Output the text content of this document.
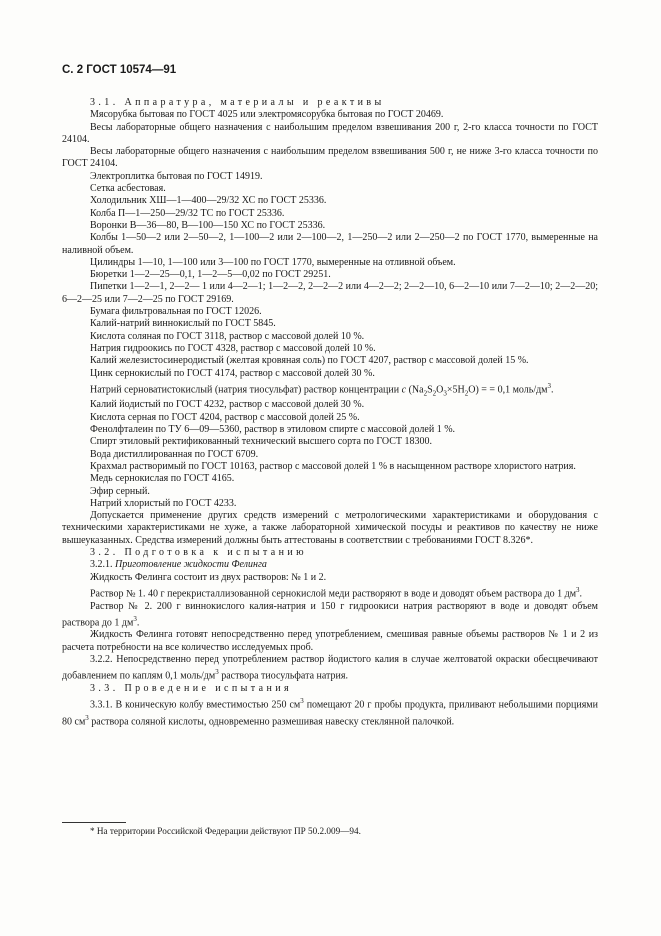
С. 2 ГОСТ 10574—91

3.1. Аппаратура, материалы и реактивы

Мясорубка бытовая по ГОСТ 4025 или электромясорубка бытовая по ГОСТ 20469.

Весы лабораторные общего назначения с наибольшим пределом взвешивания 200 г, 2-го класса точности по ГОСТ 24104.

Весы лабораторные общего назначения с наибольшим пределом взвешивания 500 г, не ниже 3-го класса точности по ГОСТ 24104.

Электроплитка бытовая по ГОСТ 14919.

Сетка асбестовая.

Холодильник ХШ—1—400—29/32 ХС по ГОСТ 25336.

Колба П—1—250—29/32 ТС по ГОСТ 25336.

Воронки В—36—80, В—100—150 ХС по ГОСТ 25336.

Колбы 1—50—2 или 2—50—2, 1—100—2 или 2—100—2, 1—250—2 или 2—250—2 по ГОСТ 1770, вымеренные на наливной объем.

Цилиндры 1—10, 1—100 или 3—100 по ГОСТ 1770, вымеренные на отливной объем.

Бюретки 1—2—25—0,1, 1—2—5—0,02 по ГОСТ 29251.

Пипетки 1—2—1, 2—2— 1 или 4—2—1; 1—2—2, 2—2—2 или 4—2—2; 2—2—10, 6—2—10 или 7—2—10; 2—2—20; 6—2—25 или 7—2—25 по ГОСТ 29169.

Бумага фильтровальная по ГОСТ 12026.

Калий-натрий виннокислый по ГОСТ 5845.

Кислота соляная по ГОСТ 3118, раствор с массовой долей 10 %.

Натрия гидроокись по ГОСТ 4328, раствор с массовой долей 10 %.

Калий железистосинеродистый (желтая кровяная соль) по ГОСТ 4207, раствор с массовой долей 15 %.

Цинк сернокислый по ГОСТ 4174, раствор с массовой долей 30 %.

Натрий серноватистокислый (натрия тиосульфат) раствор концентрации c $(Na_2S_2O_3\times 5H_2O)$ = = 0,1 моль/$дм^3$.

Калий йодистый по ГОСТ 4232, раствор с массовой долей 30 %.

Кислота серная по ГОСТ 4204, раствор с массовой долей 25 %.

Фенолфталеин по ТУ 6—09—5360, раствор в этиловом спирте с массовой долей 1 %.

Спирт этиловый ректификованный технический высшего сорта по ГОСТ 18300.

Вода дистиллированная по ГОСТ 6709.

Крахмал растворимый по ГОСТ 10163, раствор с массовой долей 1 % в насыщенном растворе хлористого натрия.

Медь сернокислая по ГОСТ 4165.

Эфир серный.

Натрий хлористый по ГОСТ 4233.

Допускается применение других средств измерений с метрологическими характеристиками и оборудования с техническими характеристиками не хуже, а также лабораторной химической посуды и реактивов по качеству не ниже вышеуказанных. Средства измерений должны быть аттестованы в соответствии с требованиями ГОСТ 8.326*.

3.2. Подготовка к испытанию

3.2.1. Приготовление жидкости Фелинга

Жидкость Фелинга состоит из двух растворов: № 1 и 2.

Раствор № 1. 40 г перекристаллизованной сернокислой меди растворяют в воде и доводят объем раствора до 1 $дм^3$.

Раствор № 2. 200 г виннокислого калия-натрия и 150 г гидроокиси натрия растворяют в воде и доводят объем раствора до 1 $дм^3$.

Жидкость Фелинга готовят непосредственно перед употреблением, смешивая равные объемы растворов № 1 и 2 из расчета потребности на все количество исследуемых проб.

3.2.2. Непосредственно перед употреблением раствор йодистого калия в случае желтоватой окраски обесцвечивают добавлением по каплям 0,1 моль/$дм^3$ раствора тиосульфата натрия.

3.3. Проведение испытания

3.3.1. В коническую колбу вместимостью 250 $см^3$ помещают 20 г пробы продукта, приливают небольшими порциями 80 $см^3$ раствора соляной кислоты, одновременно размешивая навеску стеклянной палочкой.

* На территории Российской Федерации действуют ПР 50.2.009—94.
